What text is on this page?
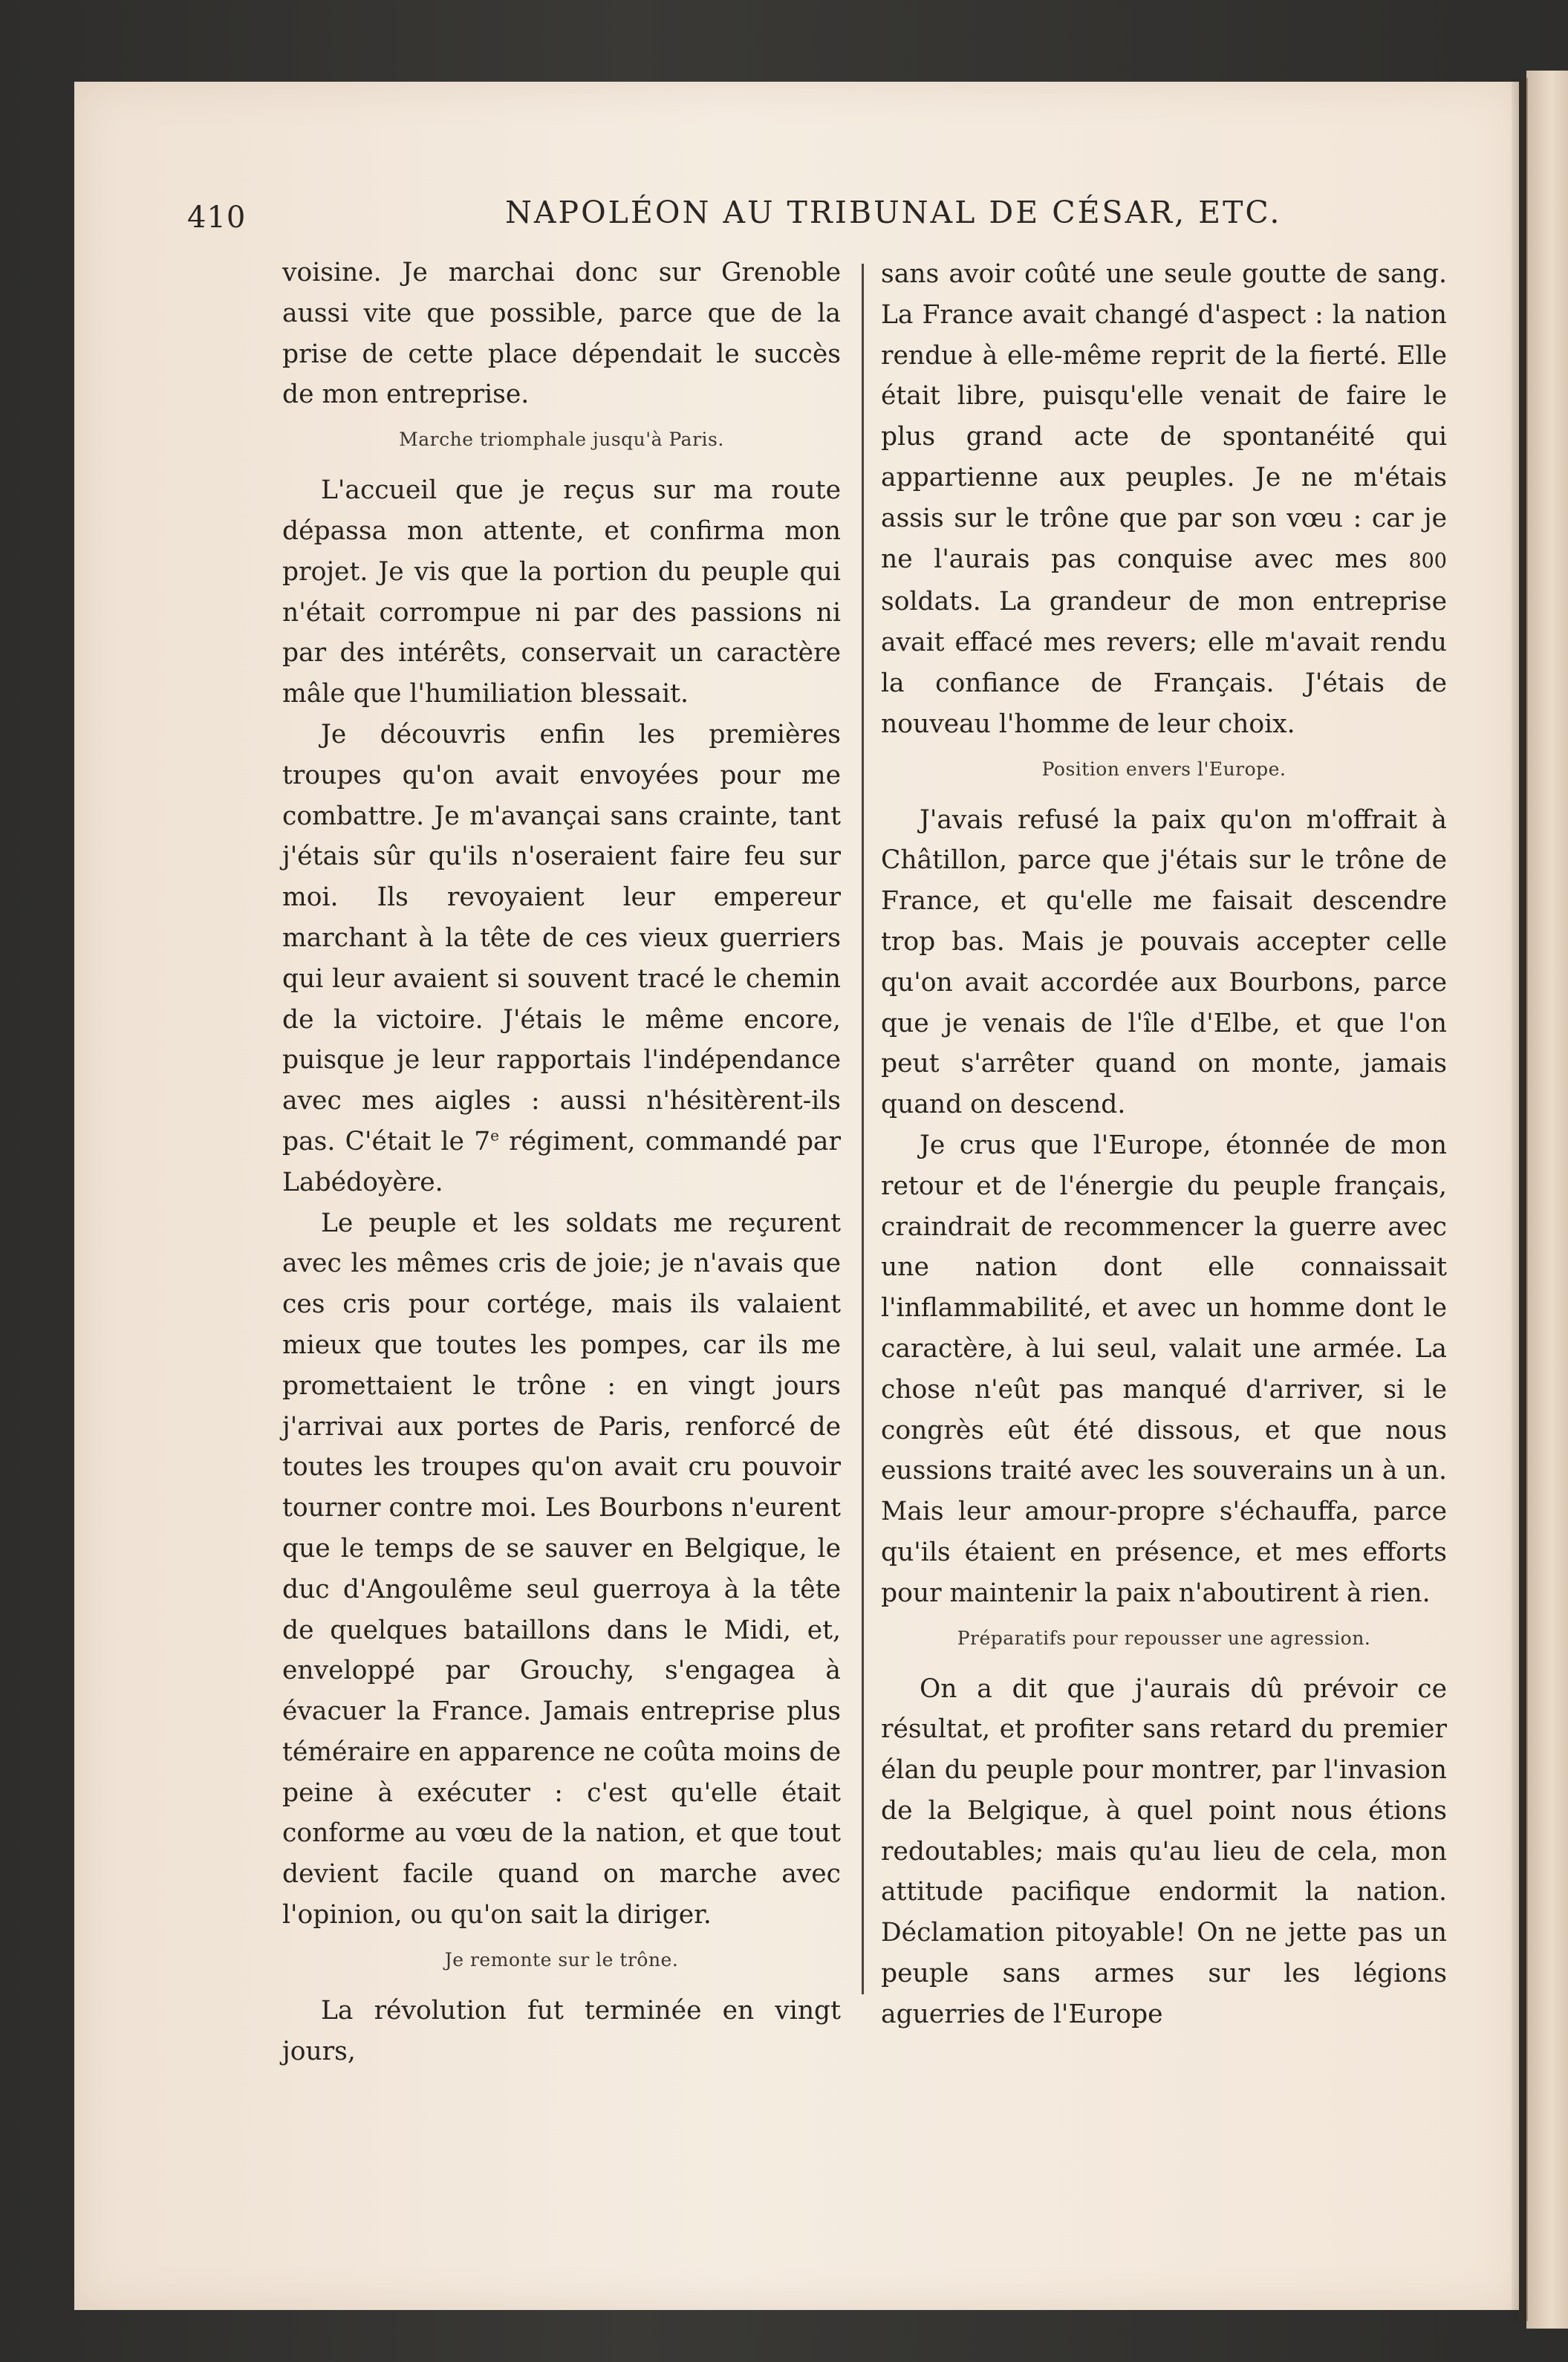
410	NAPOLÉON AU TRIBUNAL DE CÉSAR, ETC.

voisine. Je marchai donc sur Grenoble aussi vite que possible, parce que de la prise de cette place dépendait le succès de mon entreprise.

Marche triomphale jusqu'à Paris.

L'accueil que je reçus sur ma route dépassa mon attente, et confirma mon projet. Je vis que la portion du peuple qui n'était corrompue ni par des passions ni par des intérêts, conservait un caractère mâle que l'humiliation blessait.

Je découvris enfin les premières troupes qu'on avait envoyées pour me combattre. Je m'avançai sans crainte, tant j'étais sûr qu'ils n'oseraient faire feu sur moi. Ils revoyaient leur empereur marchant à la tête de ces vieux guerriers qui leur avaient si souvent tracé le chemin de la victoire. J'étais le même encore, puisque je leur rapportais l'indépendance avec mes aigles : aussi n'hésitèrent-ils pas. C'était le 7e régiment, commandé par Labédoyère.

Le peuple et les soldats me reçurent avec les mêmes cris de joie; je n'avais que ces cris pour cortége, mais ils valaient mieux que toutes les pompes, car ils me promettaient le trône : en vingt jours j'arrivai aux portes de Paris, renforcé de toutes les troupes qu'on avait cru pouvoir tourner contre moi. Les Bourbons n'eurent que le temps de se sauver en Belgique, le duc d'Angoulême seul guerroya à la tête de quelques bataillons dans le Midi, et, enveloppé par Grouchy, s'engagea à évacuer la France. Jamais entreprise plus téméraire en apparence ne coûta moins de peine à exécuter : c'est qu'elle était conforme au vœu de la nation, et que tout devient facile quand on marche avec l'opinion, ou qu'on sait la diriger.

Je remonte sur le trône.

La révolution fut terminée en vingt jours,

sans avoir coûté une seule goutte de sang. La France avait changé d'aspect : la nation rendue à elle-même reprit de la fierté. Elle était libre, puisqu'elle venait de faire le plus grand acte de spontanéité qui appartienne aux peuples. Je ne m'étais assis sur le trône que par son vœu : car je ne l'aurais pas conquise avec mes 800 soldats. La grandeur de mon entreprise avait effacé mes revers; elle m'avait rendu la confiance de Français. J'étais de nouveau l'homme de leur choix.

Position envers l'Europe.

J'avais refusé la paix qu'on m'offrait à Châtillon, parce que j'étais sur le trône de France, et qu'elle me faisait descendre trop bas. Mais je pouvais accepter celle qu'on avait accordée aux Bourbons, parce que je venais de l'île d'Elbe, et que l'on peut s'arrêter quand on monte, jamais quand on descend.

Je crus que l'Europe, étonnée de mon retour et de l'énergie du peuple français, craindrait de recommencer la guerre avec une nation dont elle connaissait l'inflammabilité, et avec un homme dont le caractère, à lui seul, valait une armée. La chose n'eût pas manqué d'arriver, si le congrès eût été dissous, et que nous eussions traité avec les souverains un à un. Mais leur amour-propre s'échauffa, parce qu'ils étaient en présence, et mes efforts pour maintenir la paix n'aboutirent à rien.

Préparatifs pour repousser une agression.

On a dit que j'aurais dû prévoir ce résultat, et profiter sans retard du premier élan du peuple pour montrer, par l'invasion de la Belgique, à quel point nous étions redoutables; mais qu'au lieu de cela, mon attitude pacifique endormit la nation. Déclamation pitoyable! On ne jette pas un peuple sans armes sur les légions aguerries de l'Europe
